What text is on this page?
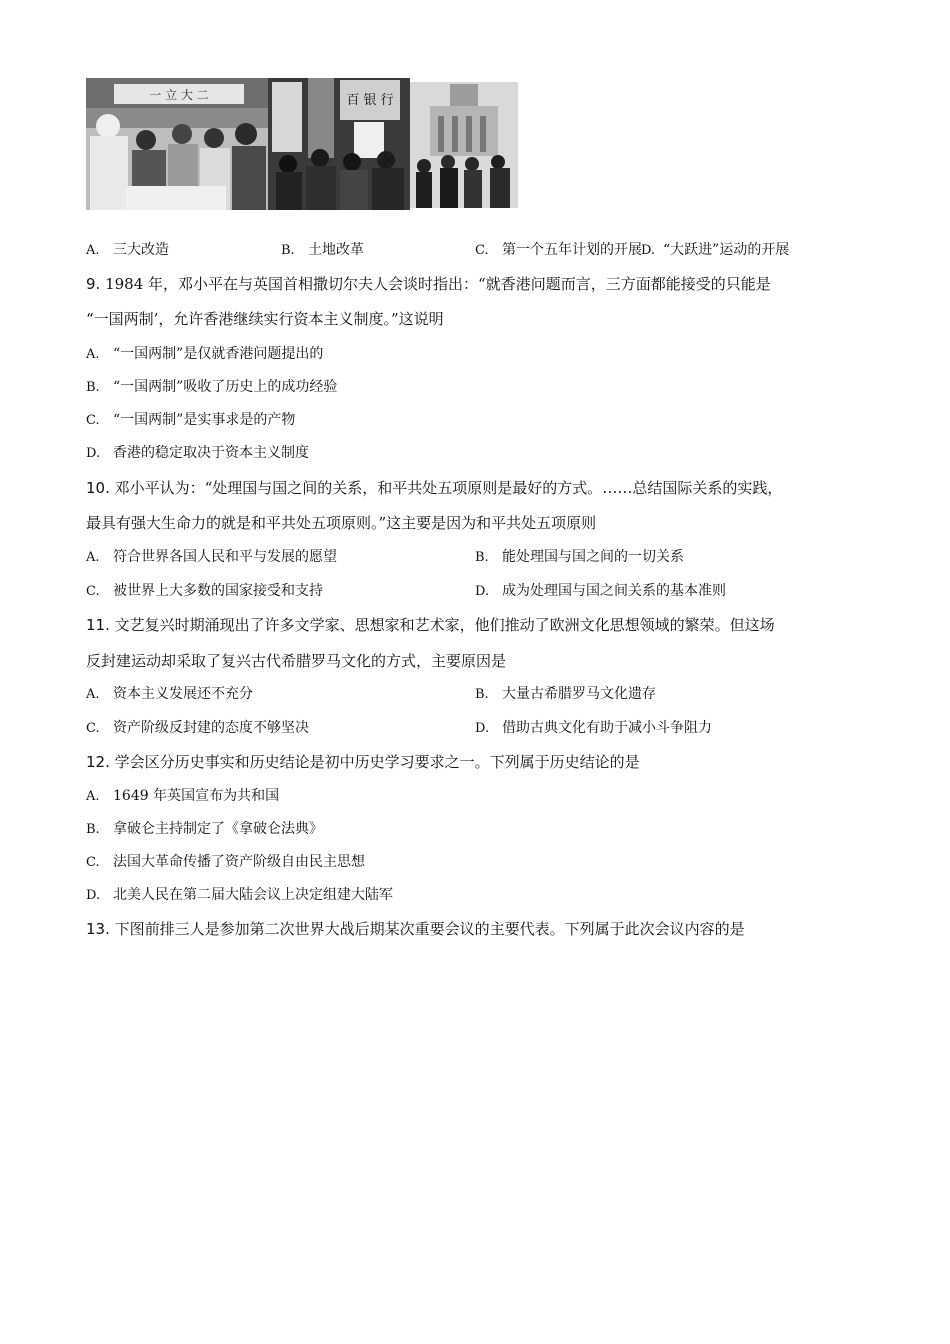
一 立 大 二	百 银 行
A. 三大改造	B. 土地改革	C. 第一个五年计划的开展 D. “大跃进”运动的开展
9. 1984 年，邓小平在与英国首相撒切尔夫人会谈时指出：“就香港问题而言，三方面都能接受的只能是
“一国两制’，允许香港继续实行资本主义制度。”这说明
A. “一国两制”是仅就香港问题提出的
B. “一国两制”吸收了历史上的成功经验
C. “一国两制”是实事求是的产物
D. 香港的稳定取决于资本主义制度
10. 邓小平认为：“处理国与国之间的关系，和平共处五项原则是最好的方式。……总结国际关系的实践，
最具有强大生命力的就是和平共处五项原则。”这主要是因为和平共处五项原则
A. 符合世界各国人民和平与发展的愿望	B. 能处理国与国之间的一切关系
C. 被世界上大多数的国家接受和支持	D. 成为处理国与国之间关系的基本准则
11. 文艺复兴时期涌现出了许多文学家、思想家和艺术家，他们推动了欧洲文化思想领域的繁荣。但这场
反封建运动却采取了复兴古代希腊罗马文化的方式，主要原因是
A. 资本主义发展还不充分	B. 大量古希腊罗马文化遗存
C. 资产阶级反封建的态度不够坚决	D. 借助古典文化有助于减小斗争阻力
12. 学会区分历史事实和历史结论是初中历史学习要求之一。下列属于历史结论的是
A. 1649 年英国宣布为共和国
B. 拿破仑主持制定了《拿破仑法典》
C. 法国大革命传播了资产阶级自由民主思想
D. 北美人民在第二届大陆会议上决定组建大陆军
13. 下图前排三人是参加第二次世界大战后期某次重要会议的主要代表。下列属于此次会议内容的是
